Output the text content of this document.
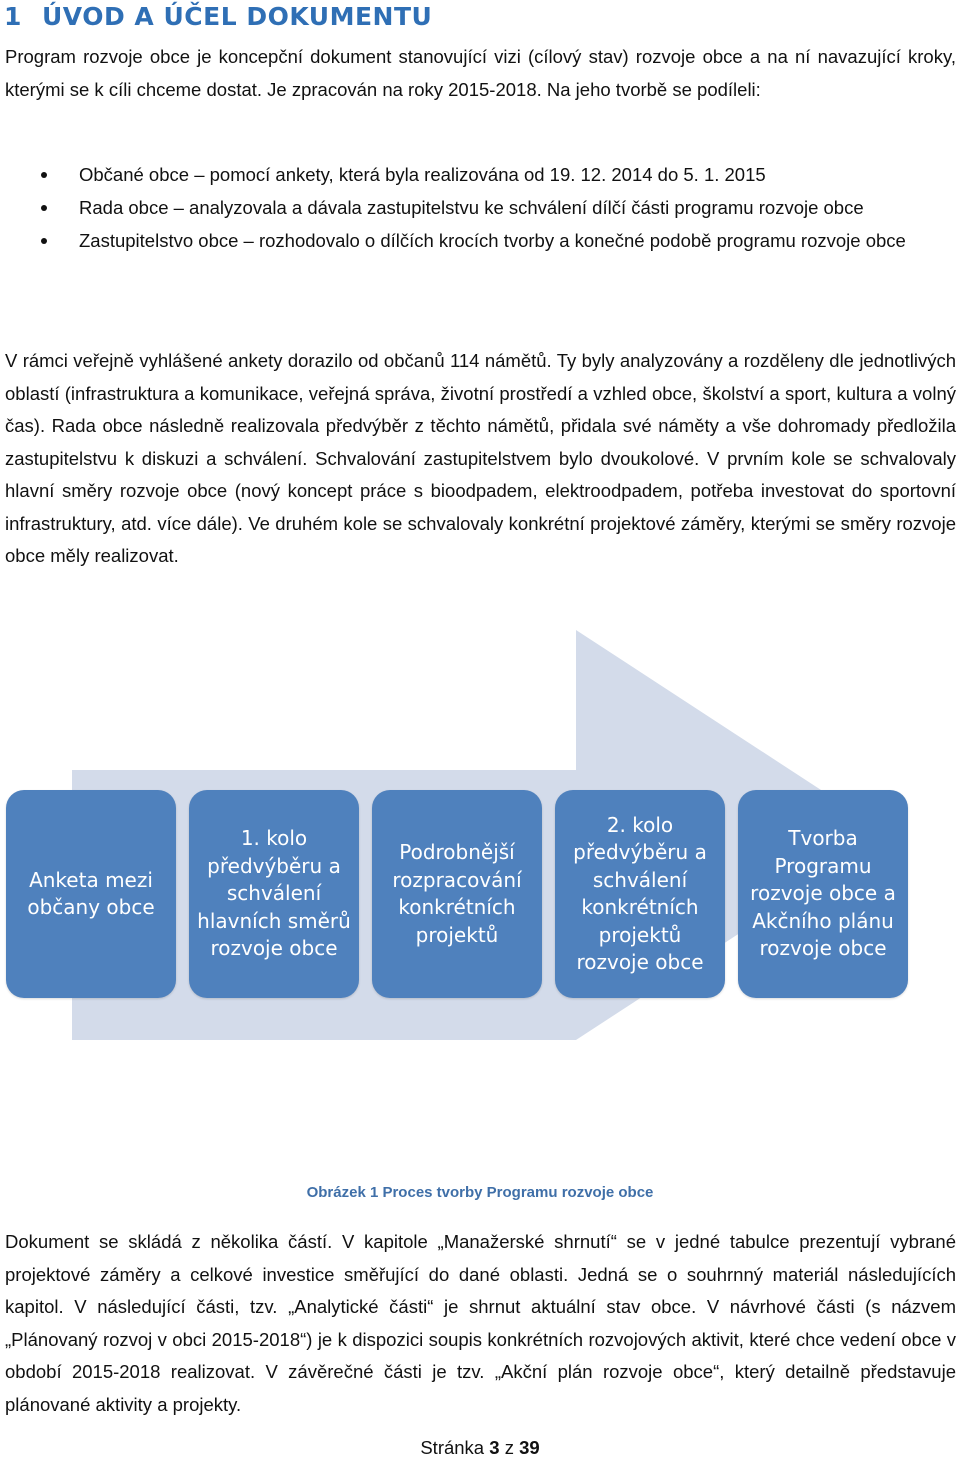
1 ÚVOD A ÚČEL DOKUMENTU

Program rozvoje obce je koncepční dokument stanovující vizi (cílový stav) rozvoje obce a na ní navazující kroky, kterými se k cíli chceme dostat. Je zpracován na roky 2015-2018. Na jeho tvorbě se podíleli:

Občané obce – pomocí ankety, která byla realizována od 19. 12. 2014 do 5. 1. 2015
Rada obce – analyzovala a dávala zastupitelstvu ke schválení dílčí části programu rozvoje obce
Zastupitelstvo obce – rozhodovalo o dílčích krocích tvorby a konečné podobě programu rozvoje obce

V rámci veřejně vyhlášené ankety dorazilo od občanů 114 námětů. Ty byly analyzovány a rozděleny dle jednotlivých oblastí (infrastruktura a komunikace, veřejná správa, životní prostředí a vzhled obce, školství a sport, kultura a volný čas). Rada obce následně realizovala předvýběr z těchto námětů, přidala své náměty a vše dohromady předložila zastupitelstvu k diskuzi a schválení. Schvalování zastupitelstvem bylo dvoukolové. V prvním kole se schvalovaly hlavní směry rozvoje obce (nový koncept práce s bioodpadem, elektroodpadem, potřeba investovat do sportovní infrastruktury, atd. více dále). Ve druhém kole se schvalovaly konkrétní projektové záměry, kterými se směry rozvoje obce měly realizovat.

Anketa mezi občany obce
1. kolo předvýběru a schválení hlavních směrů rozvoje obce
Podrobnější rozpracování konkrétních projektů
2. kolo předvýběru a schválení konkrétních projektů rozvoje obce
Tvorba Programu rozvoje obce a Akčního plánu rozvoje obce
Obrázek 1 Proces tvorby Programu rozvoje obce

Dokument se skládá z několika částí. V kapitole „Manažerské shrnutí“ se v jedné tabulce prezentují vybrané projektové záměry a celkové investice směřující do dané oblasti. Jedná se o souhrnný materiál následujících kapitol. V následující části, tzv. „Analytické části“ je shrnut aktuální stav obce. V návrhové části (s názvem „Plánovaný rozvoj v obci 2015-2018“) je k dispozici soupis konkrétních rozvojových aktivit, které chce vedení obce v období 2015-2018 realizovat. V závěrečné části je tzv. „Akční plán rozvoje obce“, který detailně představuje plánované aktivity a projekty.

Stránka 3 z 39
